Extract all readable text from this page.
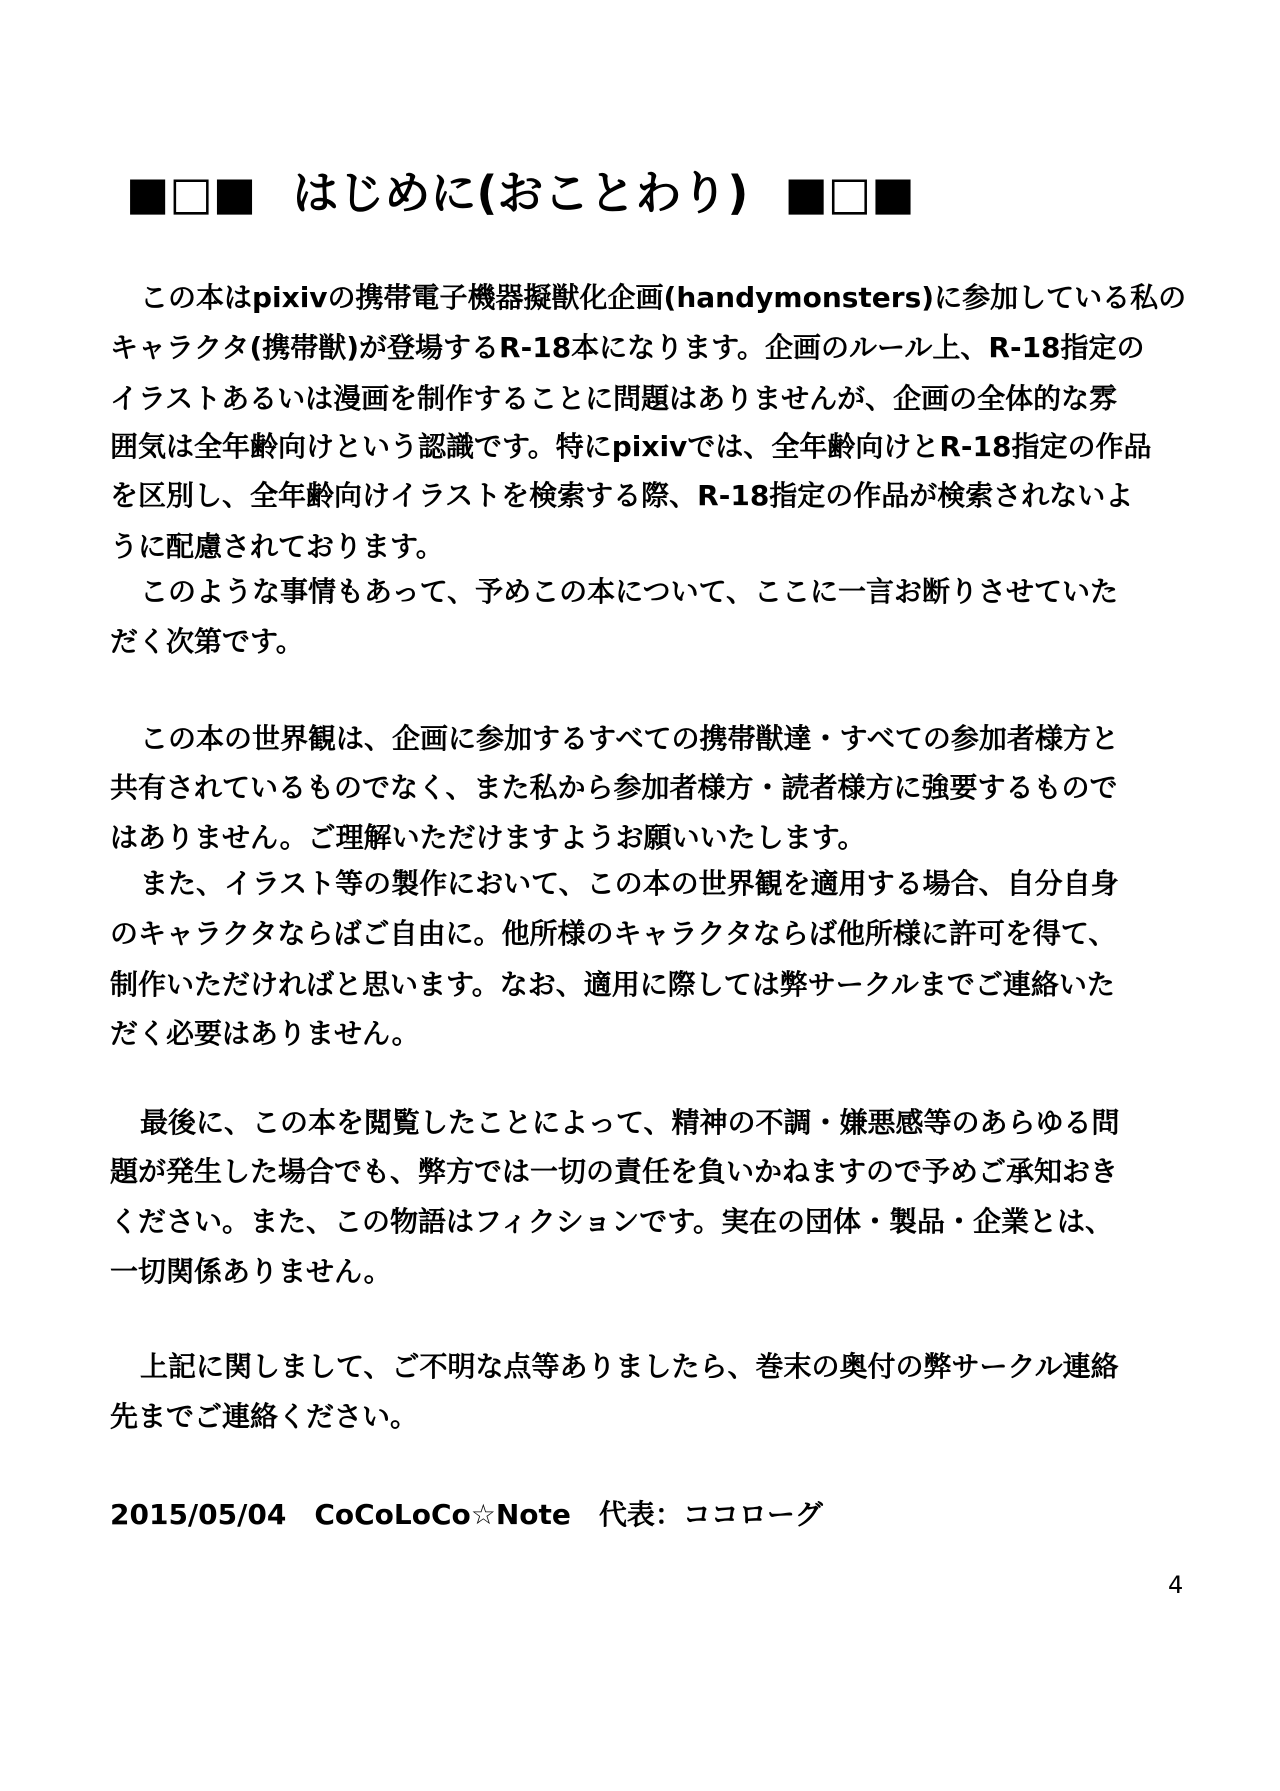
■□■ はじめに(おことわり) ■□■
この本はpixivの携帯電子機器擬獣化企画(handymonsters)に参加している私の
キャラクタ(携帯獣)が登場するR-18本になります。企画のルール上、R-18指定の
イラストあるいは漫画を制作することに問題はありませんが、企画の全体的な雰
囲気は全年齢向けという認識です。特にpixivでは、全年齢向けとR-18指定の作品
を区別し、全年齢向けイラストを検索する際、R-18指定の作品が検索されないよ
うに配慮されております。
このような事情もあって、予めこの本について、ここに一言お断りさせていた
だく次第です。
この本の世界観は、企画に参加するすべての携帯獣達・すべての参加者様方と
共有されているものでなく、また私から参加者様方・読者様方に強要するもので
はありません。ご理解いただけますようお願いいたします。
また、イラスト等の製作において、この本の世界観を適用する場合、自分自身
のキャラクタならばご自由に。他所様のキャラクタならば他所様に許可を得て、
制作いただければと思います。なお、適用に際しては弊サークルまでご連絡いた
だく必要はありません。
最後に、この本を閲覧したことによって、精神の不調・嫌悪感等のあらゆる問
題が発生した場合でも、弊方では一切の責任を負いかねますので予めご承知おき
ください。また、この物語はフィクションです。実在の団体・製品・企業とは、
一切関係ありません。
上記に関しまして、ご不明な点等ありましたら、巻末の奥付の弊サークル連絡
先までご連絡ください。
2015/05/04　CoCoLoCo☆Note　代表：ココローグ
4
